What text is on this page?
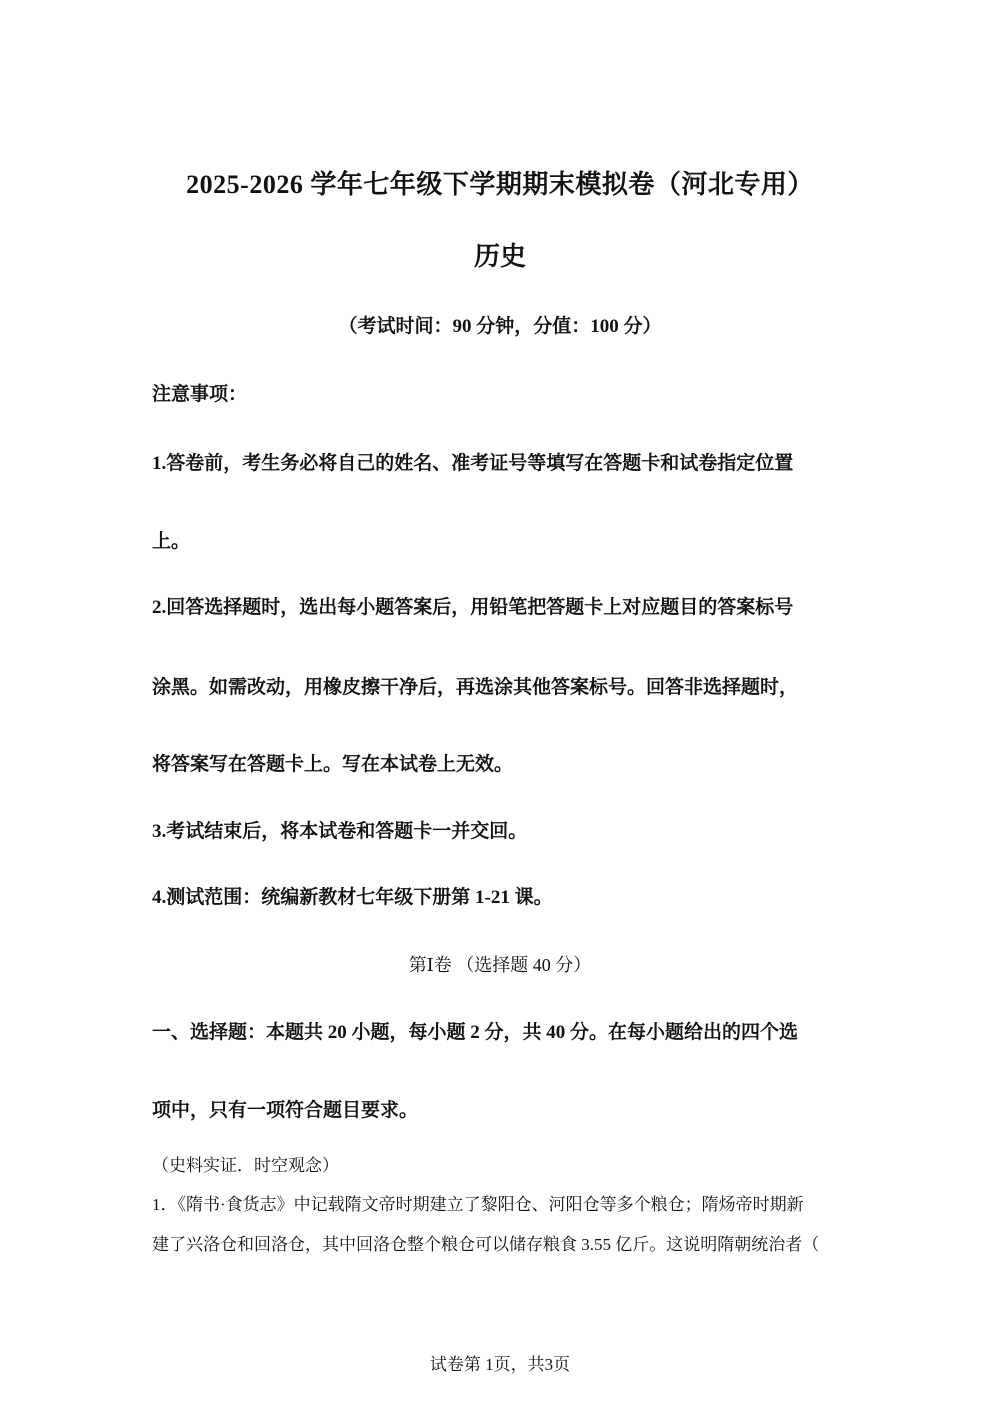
2025-2026 学年七年级下学期期末模拟卷（河北专用）
历史
（考试时间：90 分钟，分值：100 分）
注意事项：
1.答卷前，考生务必将自己的姓名、准考证号等填写在答题卡和试卷指定位置
上。
2.回答选择题时，选出每小题答案后，用铅笔把答题卡上对应题目的答案标号
涂黑。如需改动，用橡皮擦干净后，再选涂其他答案标号。回答非选择题时，
将答案写在答题卡上。写在本试卷上无效。
3.考试结束后，将本试卷和答题卡一并交回。
4.测试范围：统编新教材七年级下册第 1-21 课。
第Ⅰ卷 （选择题 40 分）
一、选择题：本题共 20 小题，每小题 2 分，共 40 分。在每小题给出的四个选
项中，只有一项符合题目要求。
（史料实证．时空观念）
1．《隋书·食货志》中记载隋文帝时期建立了黎阳仓、河阳仓等多个粮仓；隋炀帝时期新
建了兴洛仓和回洛仓，其中回洛仓整个粮仓可以储存粮食 3.55 亿斤。这说明隋朝统治者（
试卷第 1页，共3页
